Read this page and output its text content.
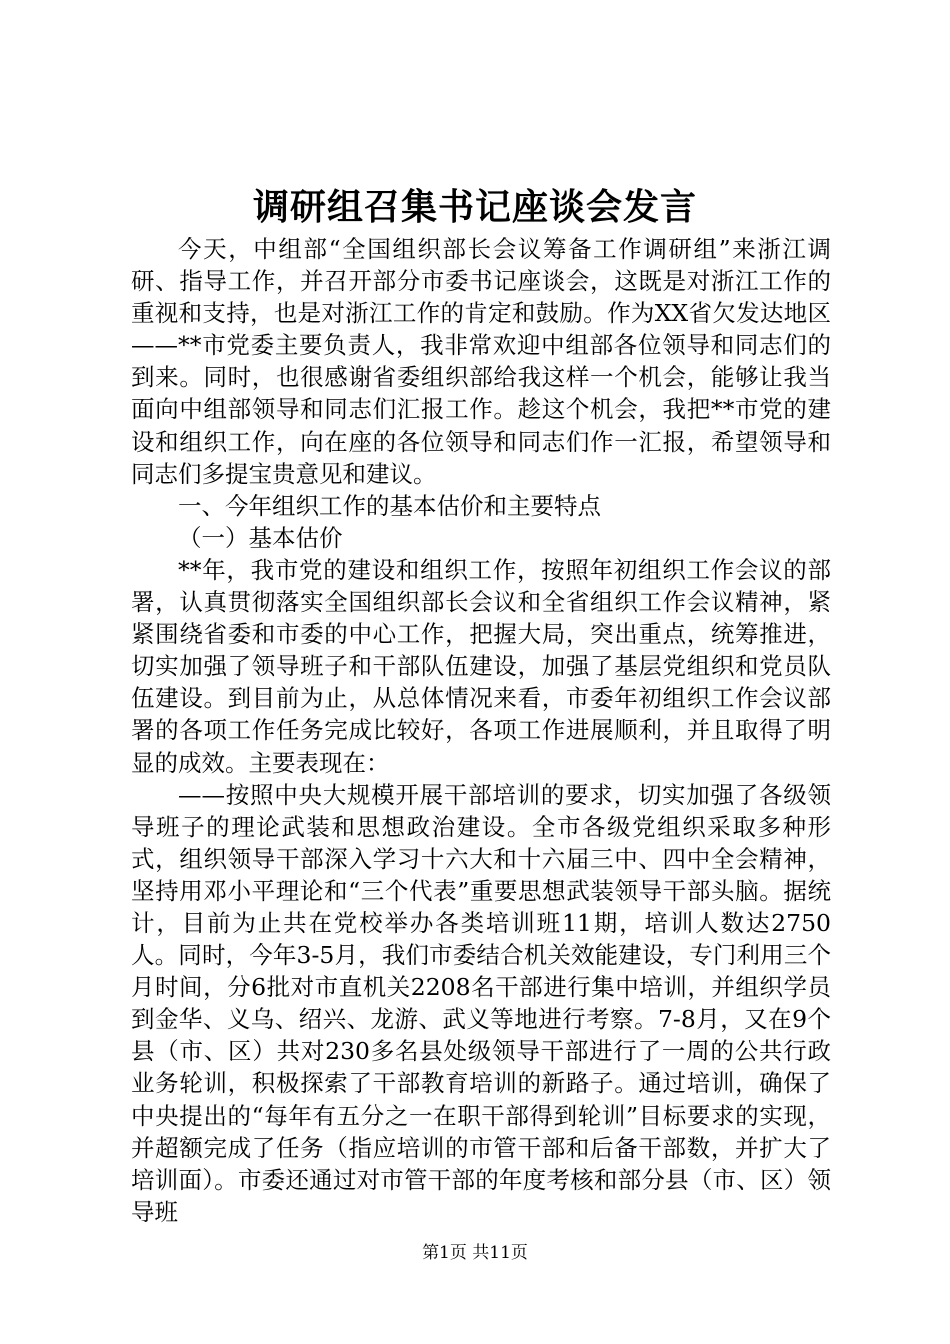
调研组召集书记座谈会发言

今天，中组部“全国组织部长会议筹备工作调研组”来浙江调研、指导工作，并召开部分市委书记座谈会，这既是对浙江工作的重视和支持，也是对浙江工作的肯定和鼓励。作为XX省欠发达地区——**市党委主要负责人，我非常欢迎中组部各位领导和同志们的到来。同时，也很感谢省委组织部给我这样一个机会，能够让我当面向中组部领导和同志们汇报工作。趁这个机会，我把**市党的建设和组织工作，向在座的各位领导和同志们作一汇报，希望领导和同志们多提宝贵意见和建议。

一、今年组织工作的基本估价和主要特点

（一）基本估价

**年，我市党的建设和组织工作，按照年初组织工作会议的部署，认真贯彻落实全国组织部长会议和全省组织工作会议精神，紧紧围绕省委和市委的中心工作，把握大局，突出重点，统筹推进，切实加强了领导班子和干部队伍建设，加强了基层党组织和党员队伍建设。到目前为止，从总体情况来看，市委年初组织工作会议部署的各项工作任务完成比较好，各项工作进展顺利，并且取得了明显的成效。主要表现在：

——按照中央大规模开展干部培训的要求，切实加强了各级领导班子的理论武装和思想政治建设。全市各级党组织采取多种形式，组织领导干部深入学习十六大和十六届三中、四中全会精神，坚持用邓小平理论和“三个代表”重要思想武装领导干部头脑。据统计，目前为止共在党校举办各类培训班11期，培训人数达2750人。同时，今年3-5月，我们市委结合机关效能建设，专门利用三个月时间，分6批对市直机关2208名干部进行集中培训，并组织学员到金华、义乌、绍兴、龙游、武义等地进行考察。7-8月，又在9个县（市、区）共对230多名县处级领导干部进行了一周的公共行政业务轮训，积极探索了干部教育培训的新路子。通过培训，确保了中央提出的“每年有五分之一在职干部得到轮训”目标要求的实现，并超额完成了任务（指应培训的市管干部和后备干部数，并扩大了培训面）。市委还通过对市管干部的年度考核和部分县（市、区）领导班

第1页 共11页
